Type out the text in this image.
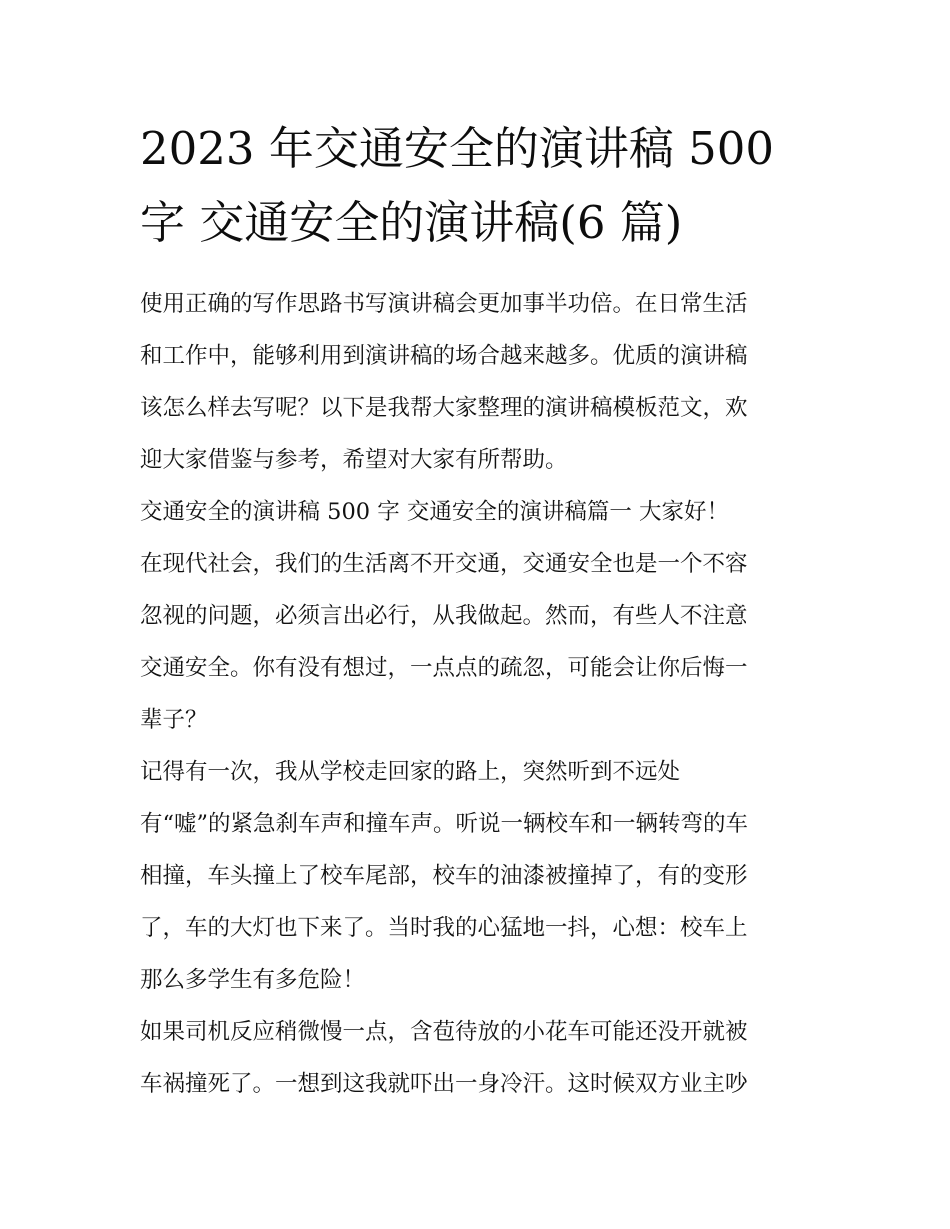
2023 年交通安全的演讲稿 500
字 交通安全的演讲稿(6 篇)
使用正确的写作思路书写演讲稿会更加事半功倍。在日常生活
和工作中，能够利用到演讲稿的场合越来越多。优质的演讲稿
该怎么样去写呢？以下是我帮大家整理的演讲稿模板范文，欢
迎大家借鉴与参考，希望对大家有所帮助。
交通安全的演讲稿 500 字 交通安全的演讲稿篇一 大家好！
在现代社会，我们的生活离不开交通，交通安全也是一个不容
忽视的问题，必须言出必行，从我做起。然而，有些人不注意
交通安全。你有没有想过，一点点的疏忽，可能会让你后悔一
辈子？
记得有一次，我从学校走回家的路上，突然听到不远处
有“嘘”的紧急刹车声和撞车声。听说一辆校车和一辆转弯的车
相撞，车头撞上了校车尾部，校车的油漆被撞掉了，有的变形
了，车的大灯也下来了。当时我的心猛地一抖，心想：校车上
那么多学生有多危险！
如果司机反应稍微慢一点，含苞待放的小花车可能还没开就被
车祸撞死了。一想到这我就吓出一身冷汗。这时候双方业主吵
